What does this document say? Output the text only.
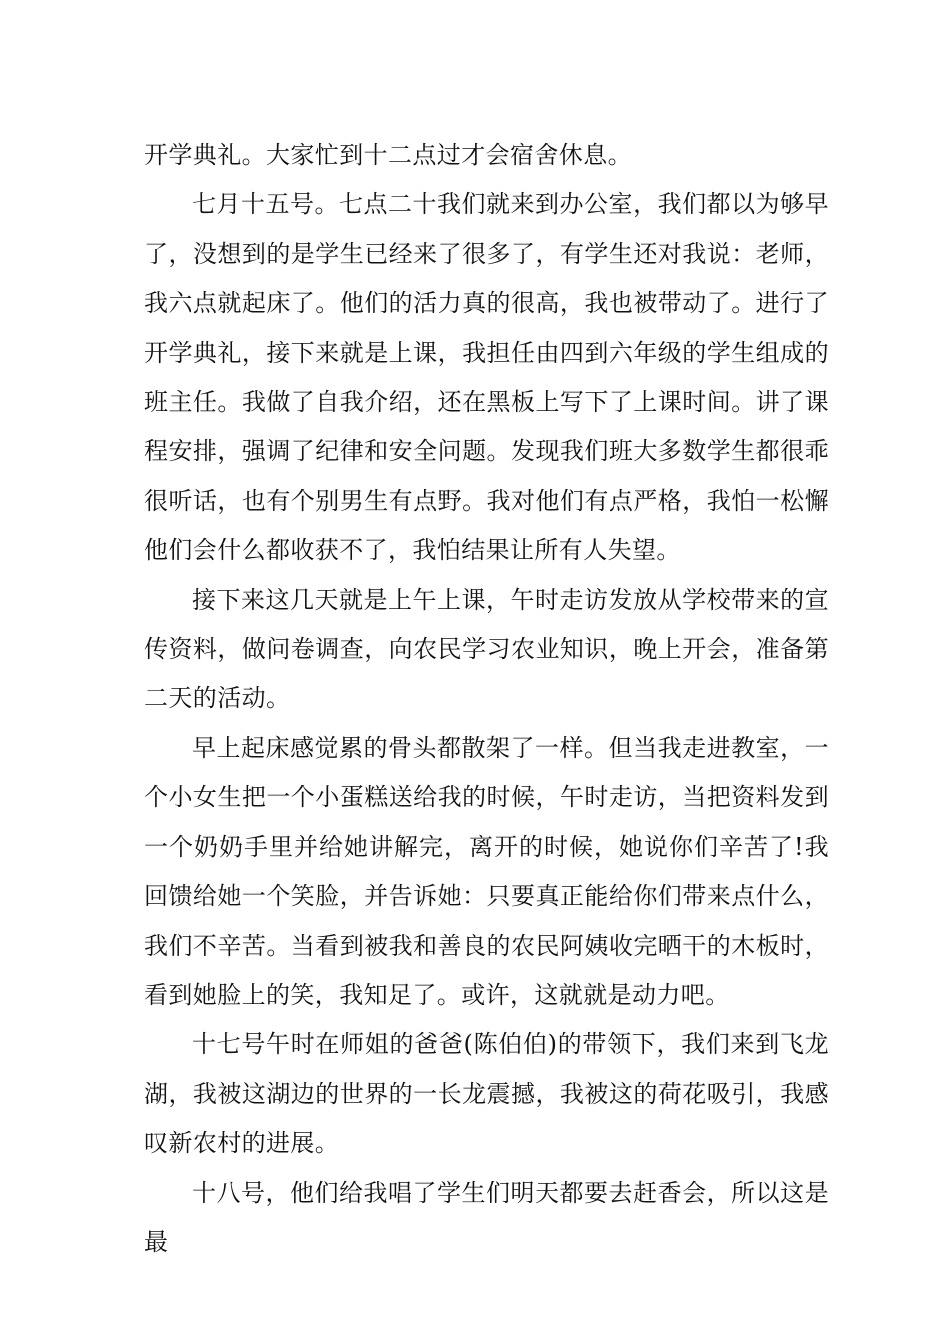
开学典礼。大家忙到十二点过才会宿舍休息。

七月十五号。七点二十我们就来到办公室，我们都以为够早了，没想到的是学生已经来了很多了，有学生还对我说：老师，我六点就起床了。他们的活力真的很高，我也被带动了。进行了开学典礼，接下来就是上课，我担任由四到六年级的学生组成的班主任。我做了自我介绍，还在黑板上写下了上课时间。讲了课程安排，强调了纪律和安全问题。发现我们班大多数学生都很乖很听话，也有个别男生有点野。我对他们有点严格，我怕一松懈他们会什么都收获不了，我怕结果让所有人失望。

接下来这几天就是上午上课，午时走访发放从学校带来的宣传资料，做问卷调查，向农民学习农业知识，晚上开会，准备第二天的活动。

早上起床感觉累的骨头都散架了一样。但当我走进教室，一个小女生把一个小蛋糕送给我的时候，午时走访，当把资料发到一个奶奶手里并给她讲解完，离开的时候，她说你们辛苦了!我回馈给她一个笑脸，并告诉她：只要真正能给你们带来点什么，我们不辛苦。当看到被我和善良的农民阿姨收完晒干的木板时，看到她脸上的笑，我知足了。或许，这就就是动力吧。

十七号午时在师姐的爸爸(陈伯伯)的带领下，我们来到飞龙湖，我被这湖边的世界的一长龙震撼，我被这的荷花吸引，我感叹新农村的进展。

十八号，他们给我唱了学生们明天都要去赶香会，所以这是最
